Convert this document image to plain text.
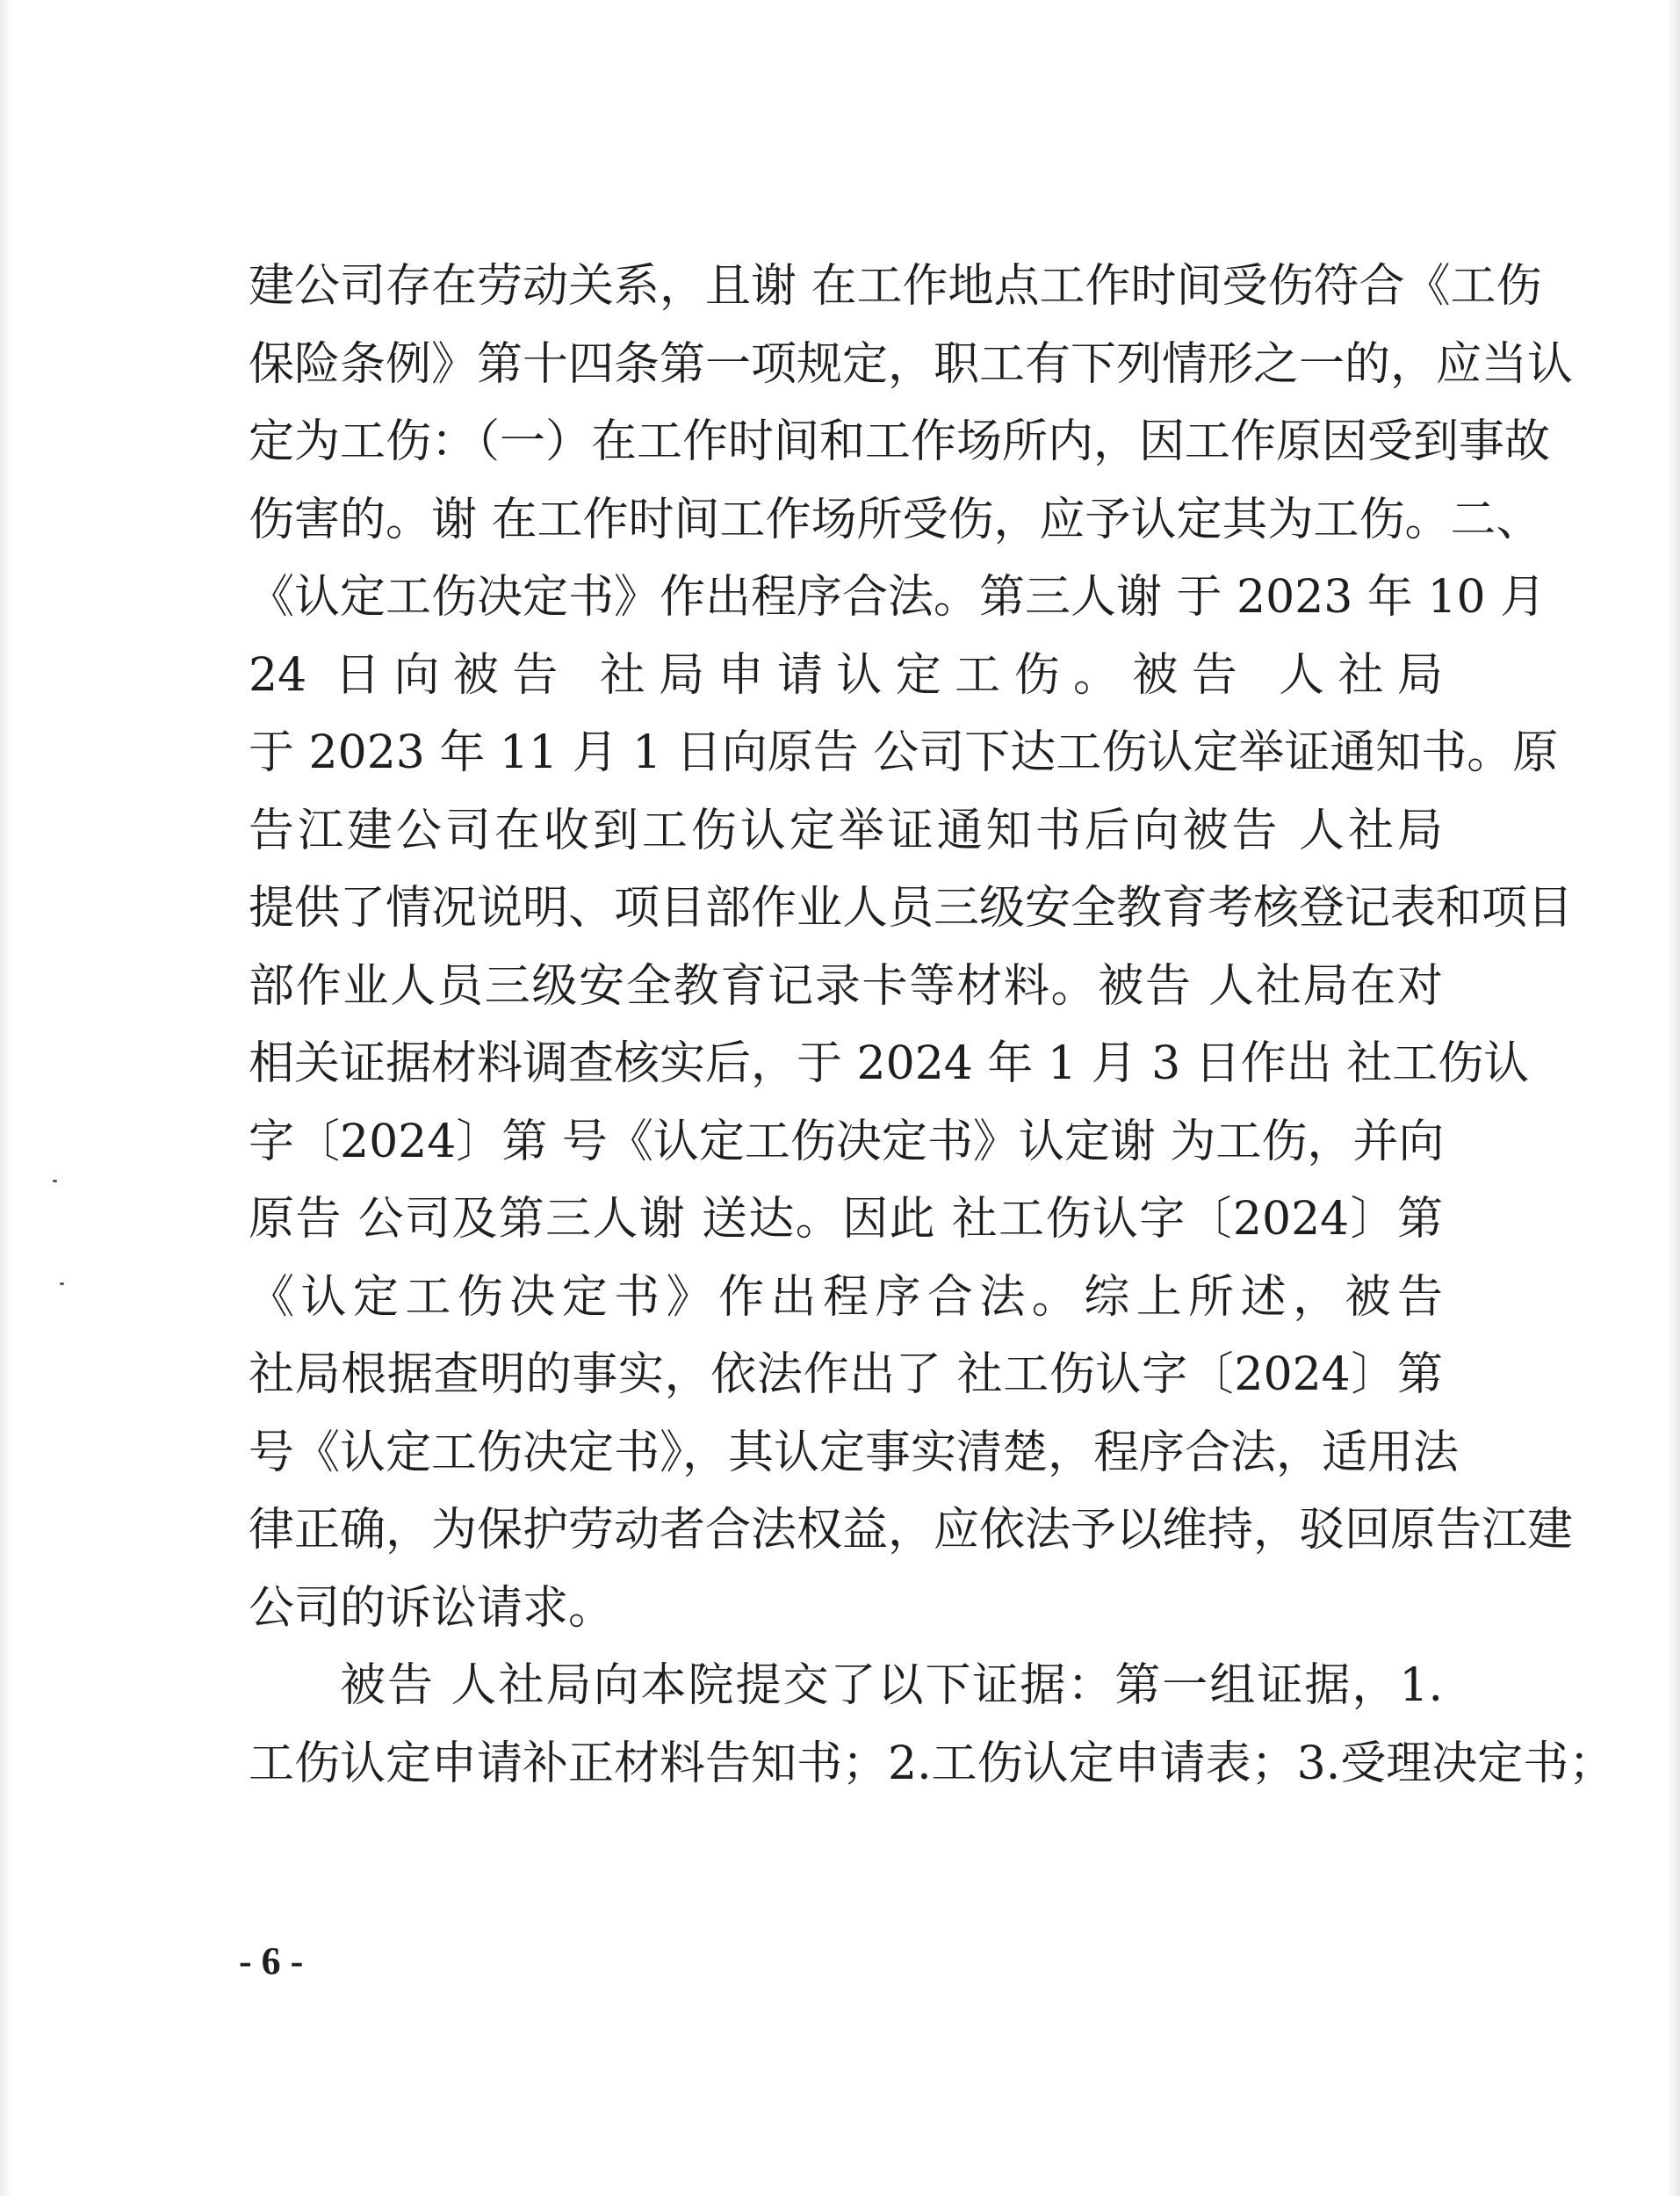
建公司存在劳动关系，且谢 在工作地点工作时间受伤符合《工伤
保险条例》第十四条第一项规定，职工有下列情形之一的，应当认
定为工伤：（一）在工作时间和工作场所内，因工作原因受到事故
伤害的。谢 在工作时间工作场所受伤，应予认定其为工伤。二、
《认定工伤决定书》作出程序合法。第三人谢 于 2023 年 10 月
24 日向被告 社局申请认定工伤。被告 人社局
于 2023 年 11 月 1 日向原告 公司下达工伤认定举证通知书。原
告江建公司在收到工伤认定举证通知书后向被告 人社局
提供了情况说明、项目部作业人员三级安全教育考核登记表和项目
部作业人员三级安全教育记录卡等材料。被告 人社局在对
相关证据材料调查核实后，于 2024 年 1 月 3 日作出 社工伤认
字〔2024〕第 号《认定工伤决定书》认定谢 为工伤，并向
原告 公司及第三人谢 送达。因此 社工伤认字〔2024〕第
《认定工伤决定书》作出程序合法。综上所述，被告
社局根据查明的事实，依法作出了 社工伤认字〔2024〕第
号《认定工伤决定书》，其认定事实清楚，程序合法，适用法
律正确，为保护劳动者合法权益，应依法予以维持，驳回原告江建
公司的诉讼请求。
被告 人社局向本院提交了以下证据：第一组证据，1.
工伤认定申请补正材料告知书；2.工伤认定申请表；3.受理决定书；
- 6 -
